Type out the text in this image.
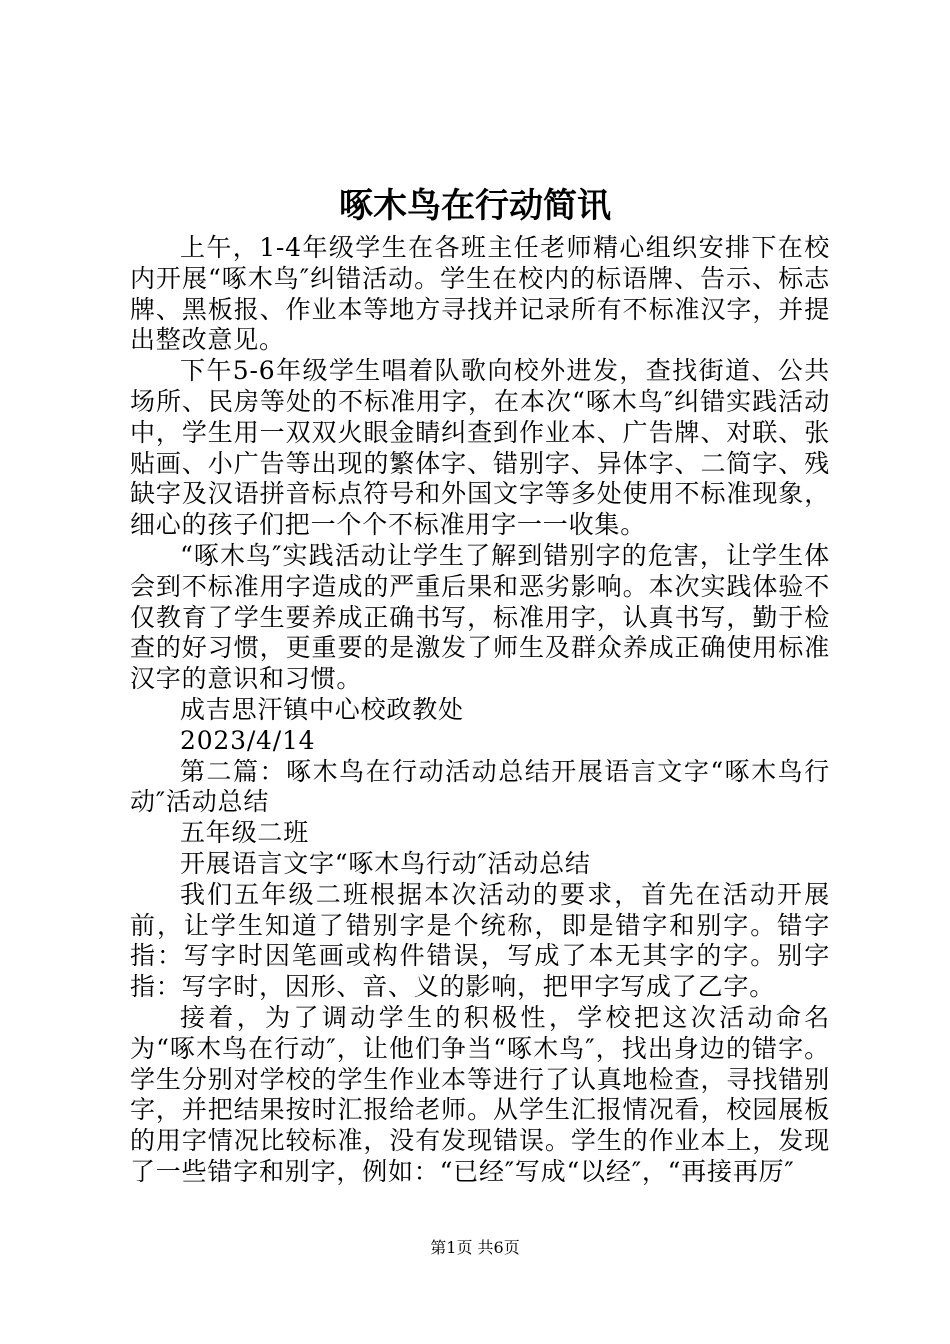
啄木鸟在行动简讯

上午，1-4年级学生在各班主任老师精心组织安排下在校内开展“啄木鸟″纠错活动。学生在校内的标语牌、告示、标志牌、黑板报、作业本等地方寻找并记录所有不标准汉字，并提出整改意见。

下午5-6年级学生唱着队歌向校外进发，查找街道、公共场所、民房等处的不标准用字，在本次“啄木鸟″纠错实践活动中，学生用一双双火眼金睛纠查到作业本、广告牌、对联、张贴画、小广告等出现的繁体字、错别字、异体字、二简字、残缺字及汉语拼音标点符号和外国文字等多处使用不标准现象，细心的孩子们把一个个不标准用字一一收集。

“啄木鸟″实践活动让学生了解到错别字的危害，让学生体会到不标准用字造成的严重后果和恶劣影响。本次实践体验不仅教育了学生要养成正确书写，标准用字，认真书写，勤于检查的好习惯，更重要的是激发了师生及群众养成正确使用标准汉字的意识和习惯。

成吉思汗镇中心校政教处

2023/4/14

第二篇：啄木鸟在行动活动总结开展语言文字“啄木鸟行动″活动总结

五年级二班

开展语言文字“啄木鸟行动″活动总结

我们五年级二班根据本次活动的要求，首先在活动开展前，让学生知道了错别字是个统称，即是错字和别字。错字指：写字时因笔画或构件错误，写成了本无其字的字。别字指：写字时，因形、音、义的影响，把甲字写成了乙字。

接着，为了调动学生的积极性，学校把这次活动命名为“啄木鸟在行动″，让他们争当“啄木鸟″，找出身边的错字。学生分别对学校的学生作业本等进行了认真地检查，寻找错别字，并把结果按时汇报给老师。从学生汇报情况看，校园展板的用字情况比较标准，没有发现错误。学生的作业本上，发现了一些错字和别字，例如：“已经″写成“以经″，“再接再厉″

第1页 共6页
